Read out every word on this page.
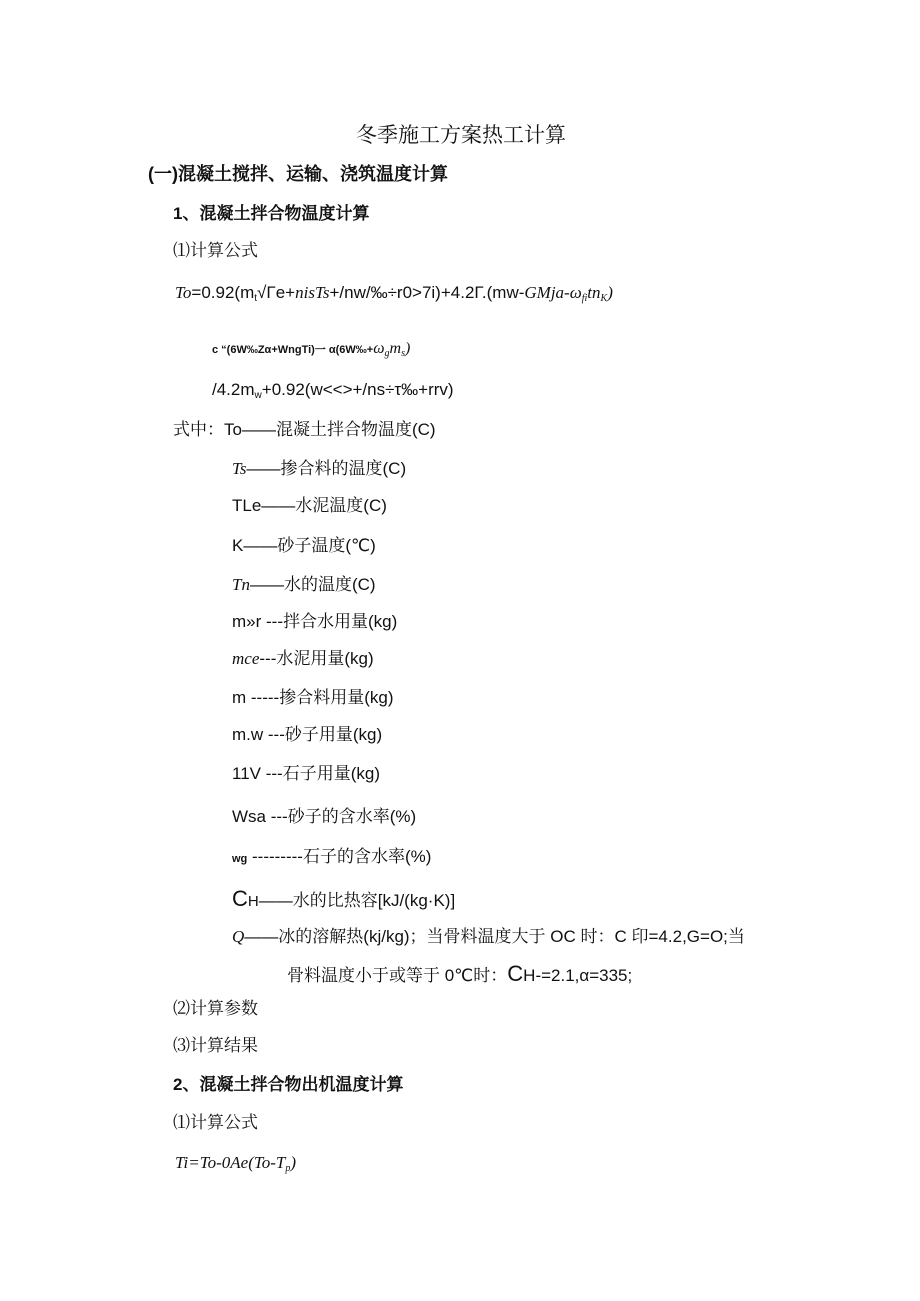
冬季施工方案热工计算
(一)混凝土搅拌、运输、浇筑温度计算
1、混凝土拌合物温度计算
⑴计算公式
$To=0.92(m_t√\Gamma e+nisTs+/nw/‰\div r0>7i)+4.2\Gamma.(mw-GMja-\omega_{fi}tn_K)$
c “(6W‰Zα+WngTi)一 α(6W‰+ωgms)
$/4.2m_w+0.92(w<<>+/ns\div\tau‰+rrv)$
式中：To——混凝土拌合物温度(C)
Ts——掺合料的温度(C)
TLe——水泥温度(C)
K——砂子温度(℃)
Tn——水的温度(C)
m»r ---拌合水用量(kg)
mce---水泥用量(kg)
m -----掺合料用量(kg)
m.w ---砂子用量(kg)
11V ---石子用量(kg)
Wsa ---砂子的含水率(%)
wg ---------石子的含水率(%)
CH——水的比热容[kJ/(kg·K)]
Q——冰的溶解热(kj/kg)；当骨料温度大于 OC 时：C 印=4.2,G=O;当
骨料温度小于或等于 0℃时：CH-=2.1,α=335;
⑵计算参数
⑶计算结果
2、混凝土拌合物出机温度计算
⑴计算公式
$Ti=To-0Ae(To-T_p)$
